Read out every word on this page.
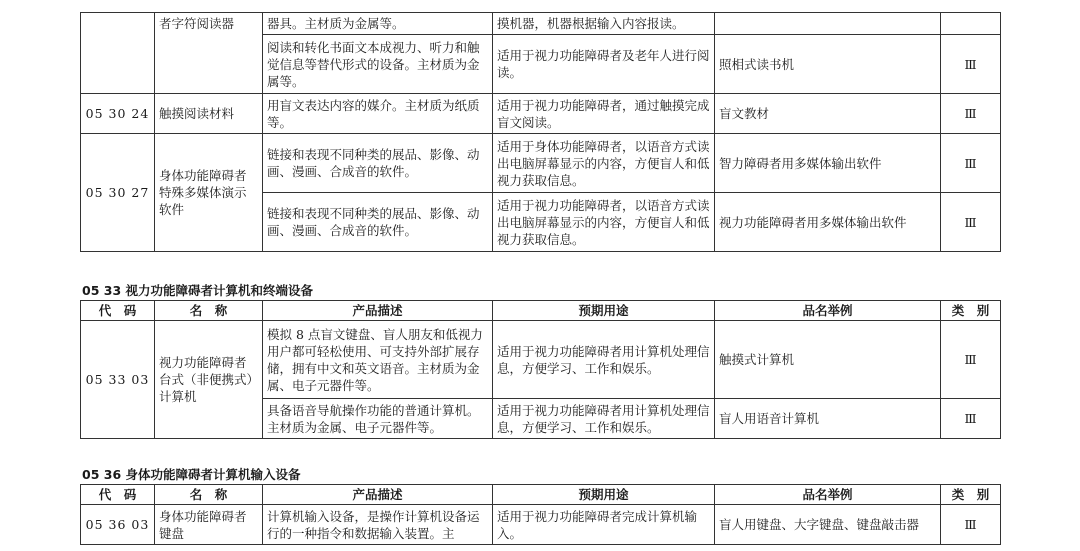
	者字符阅读器	器具。主材质为金属等。	摸机器，机器根据输入内容报读。		
		阅读和转化书面文本成视力、听力和触觉信息等替代形式的设备。主材质为金属等。	适用于视力功能障碍者及老年人进行阅读。	照相式读书机	Ⅲ
05 30 24	触摸阅读材料	用盲文表达内容的媒介。主材质为纸质等。	适用于视力功能障碍者，通过触摸完成盲文阅读。	盲文教材	Ⅲ
05 30 27	身体功能障碍者特殊多媒体演示软件	链接和表现不同种类的展品、影像、动画、漫画、合成音的软件。	适用于身体功能障碍者，以语音方式读出电脑屏幕显示的内容，方便盲人和低视力获取信息。	智力障碍者用多媒体输出软件	Ⅲ
		链接和表现不同种类的展品、影像、动画、漫画、合成音的软件。	适用于视力功能障碍者，以语音方式读出电脑屏幕显示的内容，方便盲人和低视力获取信息。	视力功能障碍者用多媒体输出软件	Ⅲ
05 33 视力功能障碍者计算机和终端设备
代　码	名　称	产品描述	预期用途	品名举例	类　别
05 33 03	视力功能障碍者台式（非便携式）计算机	模拟 8 点盲文键盘、盲人朋友和低视力用户都可轻松使用、可支持外部扩展存储，拥有中文和英文语音。主材质为金属、电子元器件等。	适用于视力功能障碍者用计算机处理信息，方便学习、工作和娱乐。	触摸式计算机	Ⅲ
		具备语音导航操作功能的普通计算机。主材质为金属、电子元器件等。	适用于视力功能障碍者用计算机处理信息，方便学习、工作和娱乐。	盲人用语音计算机	Ⅲ
05 36 身体功能障碍者计算机输入设备
代　码	名　称	产品描述	预期用途	品名举例	类　别
05 36 03	身体功能障碍者键盘	计算机输入设备，是操作计算机设备运行的一种指令和数据输入装置。主	适用于视力功能障碍者完成计算机输入。	盲人用键盘、大字键盘、键盘敲击器	Ⅲ
